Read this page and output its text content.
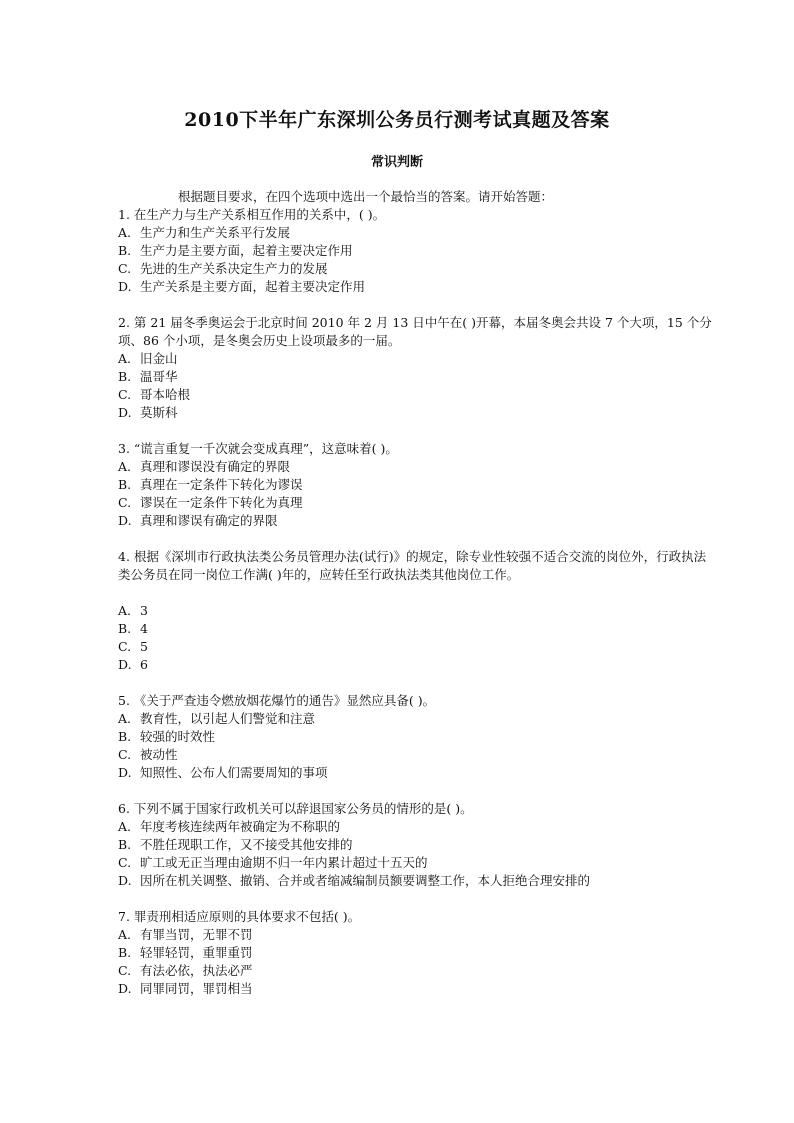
2010下半年广东深圳公务员行测考试真题及答案
常识判断
根据题目要求，在四个选项中选出一个最恰当的答案。请开始答题：
1. 在生产力与生产关系相互作用的关系中，( )。
A. 生产力和生产关系平行发展
B. 生产力是主要方面，起着主要决定作用
C. 先进的生产关系决定生产力的发展
D. 生产关系是主要方面，起着主要决定作用
2. 第 21 届冬季奥运会于北京时间 2010 年 2 月 13 日中午在( )开幕，本届冬奥会共设 7 个大项，15 个分项、86 个小项，是冬奥会历史上设项最多的一届。
A. 旧金山
B. 温哥华
C. 哥本哈根
D. 莫斯科
3. “谎言重复一千次就会变成真理”，这意味着( )。
A. 真理和谬误没有确定的界限
B. 真理在一定条件下转化为谬误
C. 谬误在一定条件下转化为真理
D. 真理和谬误有确定的界限
4. 根据《深圳市行政执法类公务员管理办法(试行)》的规定，除专业性较强不适合交流的岗位外，行政执法类公务员在同一岗位工作满( )年的，应转任至行政执法类其他岗位工作。
A. 3
B. 4
C. 5
D. 6
5. 《关于严查违令燃放烟花爆竹的通告》显然应具备( )。
A. 教育性，以引起人们警觉和注意
B. 较强的时效性
C. 被动性
D. 知照性、公布人们需要周知的事项
6. 下列不属于国家行政机关可以辞退国家公务员的情形的是( )。
A. 年度考核连续两年被确定为不称职的
B. 不胜任现职工作，又不接受其他安排的
C. 旷工或无正当理由逾期不归一年内累计超过十五天的
D. 因所在机关调整、撤销、合并或者缩减编制员额要调整工作，本人拒绝合理安排的
7. 罪责刑相适应原则的具体要求不包括( )。
A. 有罪当罚，无罪不罚
B. 轻罪轻罚，重罪重罚
C. 有法必依，执法必严
D. 同罪同罚，罪罚相当
